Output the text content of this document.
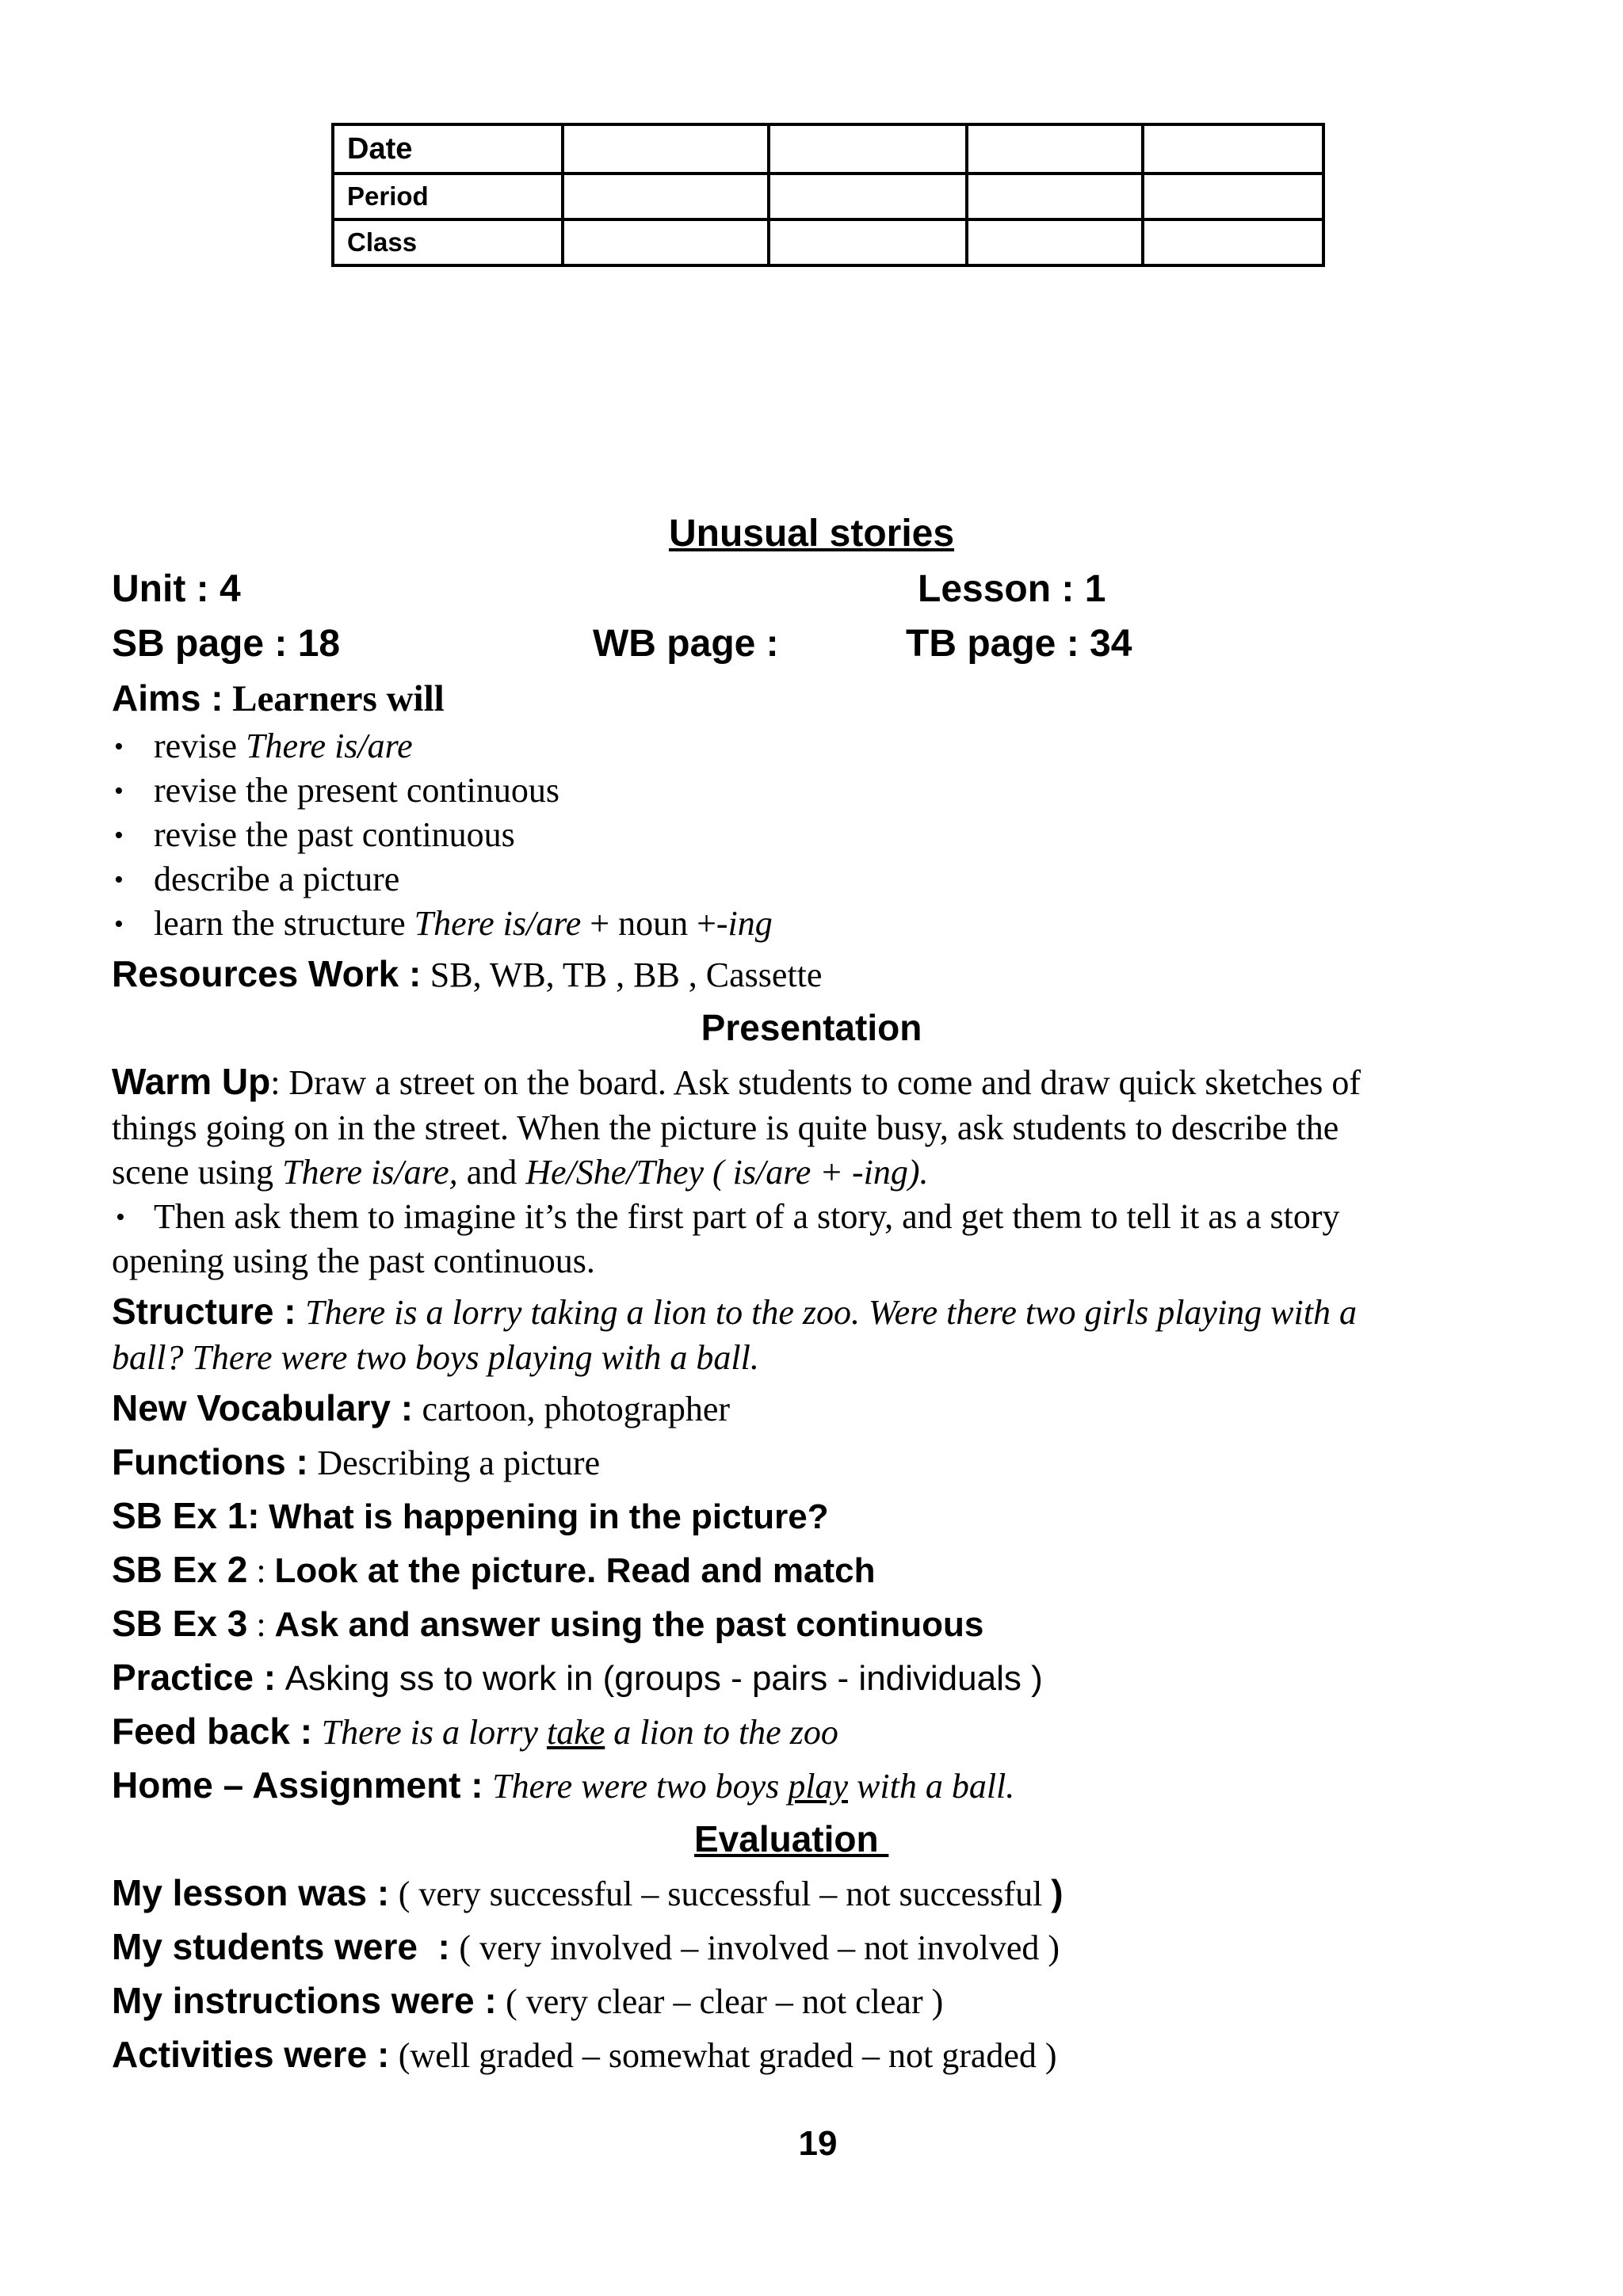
Date				
Period				
Class				
Unusual stories
Unit : 4	Lesson : 1
SB page : 18	WB page :	TB page : 34
Aims : Learners will
• revise There is/are
• revise the present continuous
• revise the past continuous
• describe a picture
• learn the structure There is/are + noun +-ing
Resources Work : SB, WB, TB , BB , Cassette
Presentation
Warm Up: Draw a street on the board. Ask students to come and draw quick sketches of
things going on in the street. When the picture is quite busy, ask students to describe the
scene using There is/are, and He/She/They ( is/are + -ing).
• Then ask them to imagine it’s the first part of a story, and get them to tell it as a story
opening using the past continuous.
Structure : There is a lorry taking a lion to the zoo. Were there two girls playing with a
ball? There were two boys playing with a ball.
New Vocabulary : cartoon, photographer
Functions : Describing a picture
SB Ex 1: What is happening in the picture?
SB Ex 2 : Look at the picture. Read and match
SB Ex 3 : Ask and answer using the past continuous
Practice : Asking ss to work in (groups - pairs - individuals )
Feed back : There is a lorry take a lion to the zoo
Home – Assignment : There were two boys play with a ball.
Evaluation
My lesson was : ( very successful – successful – not successful )
My students were  : ( very involved – involved – not involved )
My instructions were : ( very clear – clear – not clear )
Activities were : (well graded – somewhat graded – not graded )
19
